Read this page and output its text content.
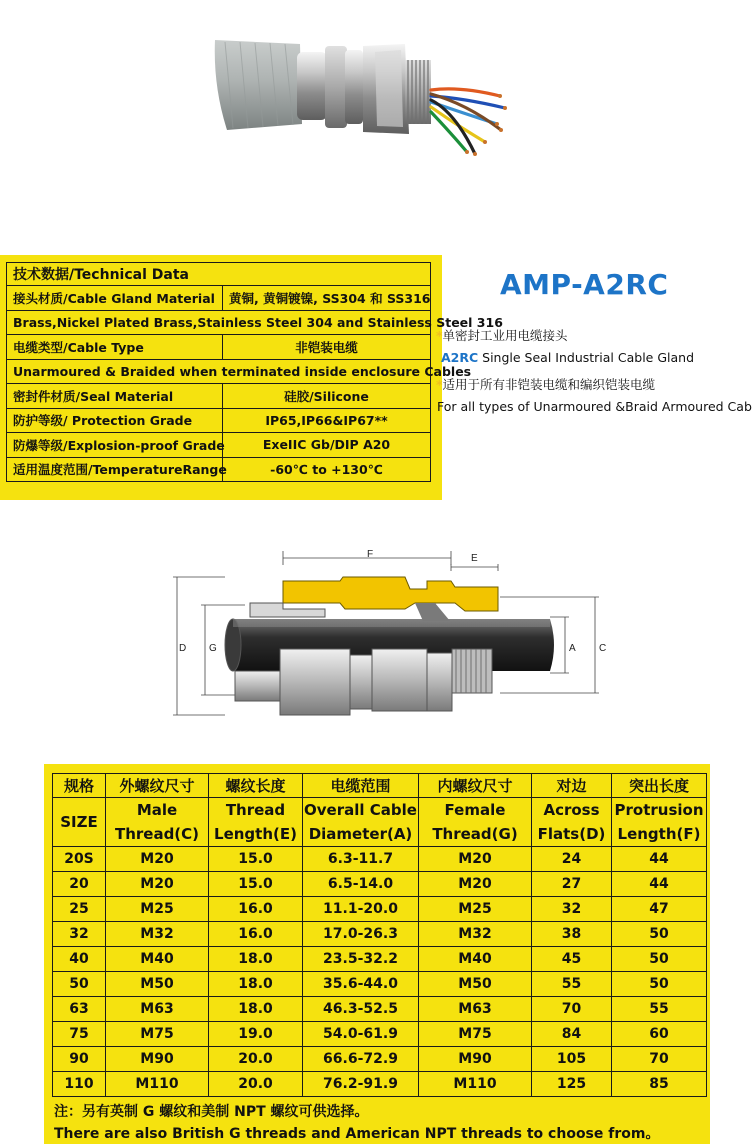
技术数据/Technical Data	
接头材质/Cable Gland Material	黄铜, 黄铜镀镍, SS304 和 SS316
Brass,Nickel Plated Brass,Stainless Steel 304 and Stainless Steel 316	
电缆类型/Cable Type	非铠装电缆
Unarmoured & Braided when terminated inside enclosure Cables	
密封件材质/Seal Material	硅胶/Silicone
防护等级/ Protection Grade	IP65,IP66&IP67**
防爆等级/Explosion-proof Grade	ExeIIC Gb/DIP A20
适用温度范围/TemperatureRange	-60℃ to +130℃
AMP-A2RC
*单密封工业用电缆接头
A2RC Single Seal Industrial Cable Gland
*适用于所有非铠装电缆和编织铠装电缆
For all types of Unarmoured &Braid Armoured Cab
F	E
D G	A C
规格	外螺纹尺寸	螺纹长度	电缆范围	内螺纹尺寸	对边	突出长度
SIZE	Male	Thread	Overall Cable	Female	Across	Protrusion
	Thread(C)	Length(E)	Diameter(A)	Thread(G)	Flats(D)	Length(F)
20S	M20	15.0	6.3-11.7	M20	24	44
20	M20	15.0	6.5-14.0	M20	27	44
25	M25	16.0	11.1-20.0	M25	32	47
32	M32	16.0	17.0-26.3	M32	38	50
40	M40	18.0	23.5-32.2	M40	45	50
50	M50	18.0	35.6-44.0	M50	55	50
63	M63	18.0	46.3-52.5	M63	70	55
75	M75	19.0	54.0-61.9	M75	84	60
90	M90	20.0	66.6-72.9	M90	105	70
110	M110	20.0	76.2-91.9	M110	125	85
注：另有英制 G 螺纹和美制 NPT 螺纹可供选择。
There are also British G threads and American NPT threads to choose from。
